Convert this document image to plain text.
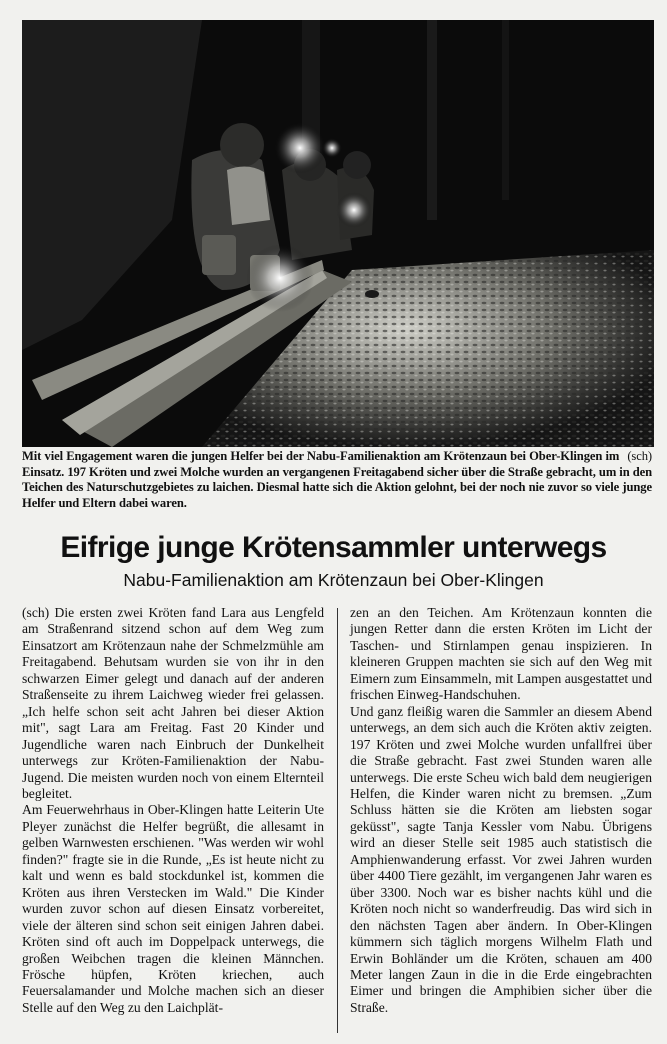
(sch)
Mit viel Engagement waren die jungen Helfer bei der Nabu-Familienaktion am Krötenzaun bei Ober-Klingen im Einsatz. 197 Kröten und zwei Molche wurden an vergangenen Freitagabend sicher über die Straße gebracht, um in den Teichen des Naturschutzgebietes zu laichen. Diesmal hatte sich die Aktion gelohnt, bei der noch nie zuvor so viele junge Helfer und Eltern dabei waren.
Eifrige junge Krötensammler unterwegs
Nabu-Familienaktion am Krötenzaun bei Ober-Klingen

(sch) Die ersten zwei Kröten fand Lara aus Lengfeld am Straßenrand sitzend schon auf dem Weg zum Einsatzort am Krötenzaun nahe der Schmelzmühle am Freitagabend. Behutsam wurden sie von ihr in den schwarzen Eimer gelegt und danach auf der anderen Straßenseite zu ihrem Laichweg wieder frei gelassen. „Ich helfe schon seit acht Jahren bei dieser Aktion mit", sagt Lara am Freitag. Fast 20 Kinder und Jugendliche waren nach Einbruch der Dunkelheit unterwegs zur Kröten-Familienaktion der Nabu-Jugend. Die meisten wurden noch von einem Elternteil begleitet.

Am Feuerwehrhaus in Ober-Klingen hatte Leiterin Ute Pleyer zunächst die Helfer begrüßt, die allesamt in gelben Warnwesten erschienen. "Was werden wir wohl finden?" fragte sie in die Runde, „Es ist heute nicht zu kalt und wenn es bald stockdunkel ist, kommen die Kröten aus ihren Verstecken im Wald." Die Kinder wurden zuvor schon auf diesen Einsatz vorbereitet, viele der älteren sind schon seit einigen Jahren dabei. Kröten sind oft auch im Doppelpack unterwegs, die großen Weibchen tragen die kleinen Männchen. Frösche hüpfen, Kröten kriechen, auch Feuersalamander und Molche machen sich an dieser Stelle auf den Weg zu den Laichplät-

zen an den Teichen. Am Krötenzaun konnten die jungen Retter dann die ersten Kröten im Licht der Taschen- und Stirnlampen genau inspizieren. In kleineren Gruppen machten sie sich auf den Weg mit Eimern zum Einsammeln, mit Lampen ausgestattet und frischen Einweg-Handschuhen.

Und ganz fleißig waren die Sammler an diesem Abend unterwegs, an dem sich auch die Kröten aktiv zeigten. 197 Kröten und zwei Molche wurden unfallfrei über die Straße gebracht. Fast zwei Stunden waren alle unterwegs. Die erste Scheu wich bald dem neugierigen Helfen, die Kinder waren nicht zu bremsen. „Zum Schluss hätten sie die Kröten am liebsten sogar geküsst", sagte Tanja Kessler vom Nabu. Übrigens wird an dieser Stelle seit 1985 auch statistisch die Amphienwanderung erfasst. Vor zwei Jahren wurden über 4400 Tiere gezählt, im vergangenen Jahr waren es über 3300. Noch war es bisher nachts kühl und die Kröten noch nicht so wanderfreudig. Das wird sich in den nächsten Tagen aber ändern. In Ober-Klingen kümmern sich täglich morgens Wilhelm Flath und Erwin Bohländer um die Kröten, schauen am 400 Meter langen Zaun in die in die Erde eingebrachten Eimer und bringen die Amphibien sicher über die Straße.
